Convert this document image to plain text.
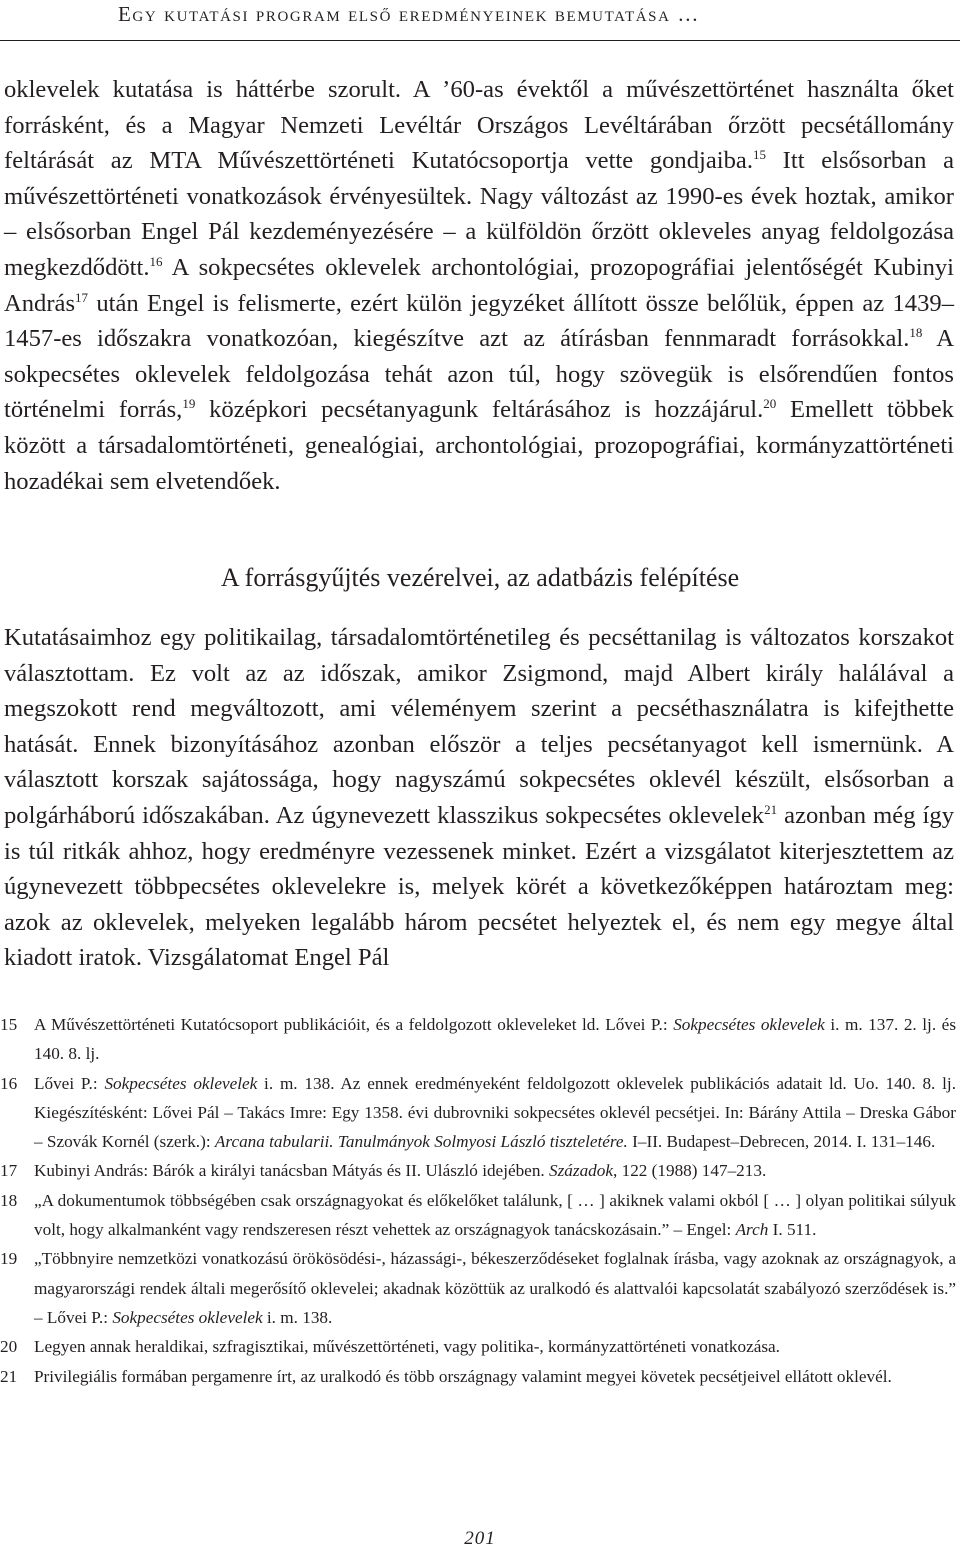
Egy kutatási program első eredményeinek bemutatása …

oklevelek kutatása is háttérbe szorult. A ’60-as évektől a művészettörténet használta őket forrásként, és a Magyar Nemzeti Levéltár Országos Levéltárában őrzött pecsétállomány feltárását az MTA Művészettörténeti Kutatócsoportja vette gondjaiba.$^{15}$ Itt elsősorban a művészettörténeti vonatkozások érvényesültek. Nagy változást az 1990-es évek hoztak, amikor – elsősorban Engel Pál kezdeményezésére – a külföldön őrzött okleveles anyag feldolgozása megkezdődött.$^{16}$ A sokpecsétes oklevelek archontológiai, prozopográfiai jelentőségét Kubinyi András$^{17}$ után Engel is felismerte, ezért külön jegyzéket állított össze belőlük, éppen az 1439–1457-es időszakra vonatkozóan, kiegészítve azt az átírásban fennmaradt forrásokkal.$^{18}$ A sokpecsétes oklevelek feldolgozása tehát azon túl, hogy szövegük is elsőrendűen fontos történelmi forrás,$^{19}$ középkori pecsétanyagunk feltárásához is hozzájárul.$^{20}$ Emellett többek között a társadalomtörténeti, genealógiai, archontológiai, prozopográfiai, kormányzattörténeti hozadékai sem elvetendőek.

A forrásgyűjtés vezérelvei, az adatbázis felépítése

Kutatásaimhoz egy politikailag, társadalomtörténetileg és pecséttanilag is változatos korszakot választottam. Ez volt az az időszak, amikor Zsigmond, majd Albert király halálával a megszokott rend megváltozott, ami véleményem szerint a pecséthasználatra is kifejthette hatását. Ennek bizonyításához azonban először a teljes pecsétanyagot kell ismernünk. A választott korszak sajátossága, hogy nagyszámú sokpecsétes oklevél készült, elsősorban a polgárháború időszakában. Az úgynevezett klasszikus sokpecsétes oklevelek$^{21}$ azonban még így is túl ritkák ahhoz, hogy eredményre vezessenek minket. Ezért a vizsgálatot kiterjesztettem az úgynevezett többpecsétes oklevelekre is, melyek körét a következőképpen határoztam meg: azok az oklevelek, melyeken legalább három pecsétet helyeztek el, és nem egy megye által kiadott iratok. Vizsgálatomat Engel Pál

15 A Művészettörténeti Kutatócsoport publikációit, és a feldolgozott okleveleket ld. Lővei P.: Sokpecsétes oklevelek i. m. 137. 2. lj. és 140. 8. lj.

16 Lővei P.: Sokpecsétes oklevelek i. m. 138. Az ennek eredményeként feldolgozott oklevelek publikációs adatait ld. Uo. 140. 8. lj. Kiegészítésként: Lővei Pál – Takács Imre: Egy 1358. évi dubrovniki sokpecsétes oklevél pecsétjei. In: Bárány Attila – Dreska Gábor – Szovák Kornél (szerk.): Arcana tabularii. Tanulmányok Solmyosi László tiszteletére. I–II. Budapest–Debrecen, 2014. I. 131–146.

17 Kubinyi András: Bárók a királyi tanácsban Mátyás és II. Ulászló idejében. Századok, 122 (1988) 147–213.

18 „A dokumentumok többségében csak országnagyokat és előkelőket találunk, [ … ] akiknek valami okból [ … ] olyan politikai súlyuk volt, hogy alkalmanként vagy rendszeresen részt vehettek az országnagyok tanácskozásain.” – Engel: Arch I. 511.

19 „Többnyire nemzetközi vonatkozású örökösödési-, házassági-, békeszerződéseket foglalnak írásba, vagy azoknak az országnagyok, a magyarországi rendek általi megerősítő oklevelei; akadnak közöttük az uralkodó és alattvalói kapcsolatát szabályozó szerződések is.” – Lővei P.: Sokpecsétes oklevelek i. m. 138.

20 Legyen annak heraldikai, szfragisztikai, művészettörténeti, vagy politika-, kormányzattörténeti vonatkozása.

21 Privilegiális formában pergamenre írt, az uralkodó és több országnagy valamint megyei követek pecsétjeivel ellátott oklevél.

201
